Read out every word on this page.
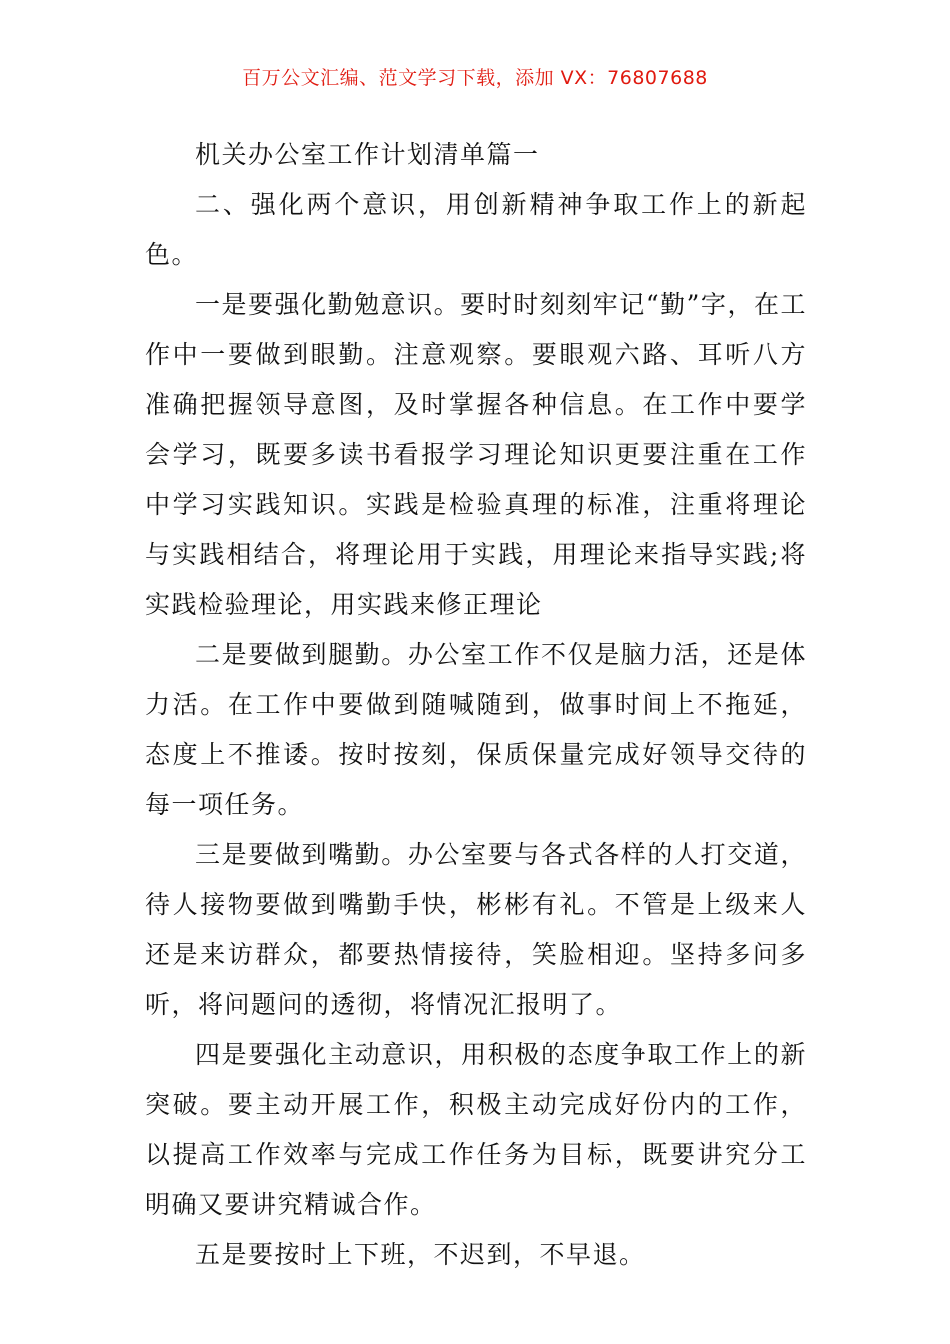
百万公文汇编、范文学习下载，添加 VX：76807688

机关办公室工作计划清单篇一

二、强化两个意识，用创新精神争取工作上的新起色。

一是要强化勤勉意识。要时时刻刻牢记“勤”字，在工作中一要做到眼勤。注意观察。要眼观六路、耳听八方准确把握领导意图，及时掌握各种信息。在工作中要学会学习，既要多读书看报学习理论知识更要注重在工作中学习实践知识。实践是检验真理的标准，注重将理论与实践相结合，将理论用于实践，用理论来指导实践;将实践检验理论，用实践来修正理论

二是要做到腿勤。办公室工作不仅是脑力活，还是体力活。在工作中要做到随喊随到，做事时间上不拖延，态度上不推诿。按时按刻，保质保量完成好领导交待的每一项任务。

三是要做到嘴勤。办公室要与各式各样的人打交道，待人接物要做到嘴勤手快，彬彬有礼。不管是上级来人还是来访群众，都要热情接待，笑脸相迎。坚持多问多听，将问题问的透彻，将情况汇报明了。

四是要强化主动意识，用积极的态度争取工作上的新突破。要主动开展工作，积极主动完成好份内的工作，以提高工作效率与完成工作任务为目标，既要讲究分工明确又要讲究精诚合作。

五是要按时上下班，不迟到，不早退。
